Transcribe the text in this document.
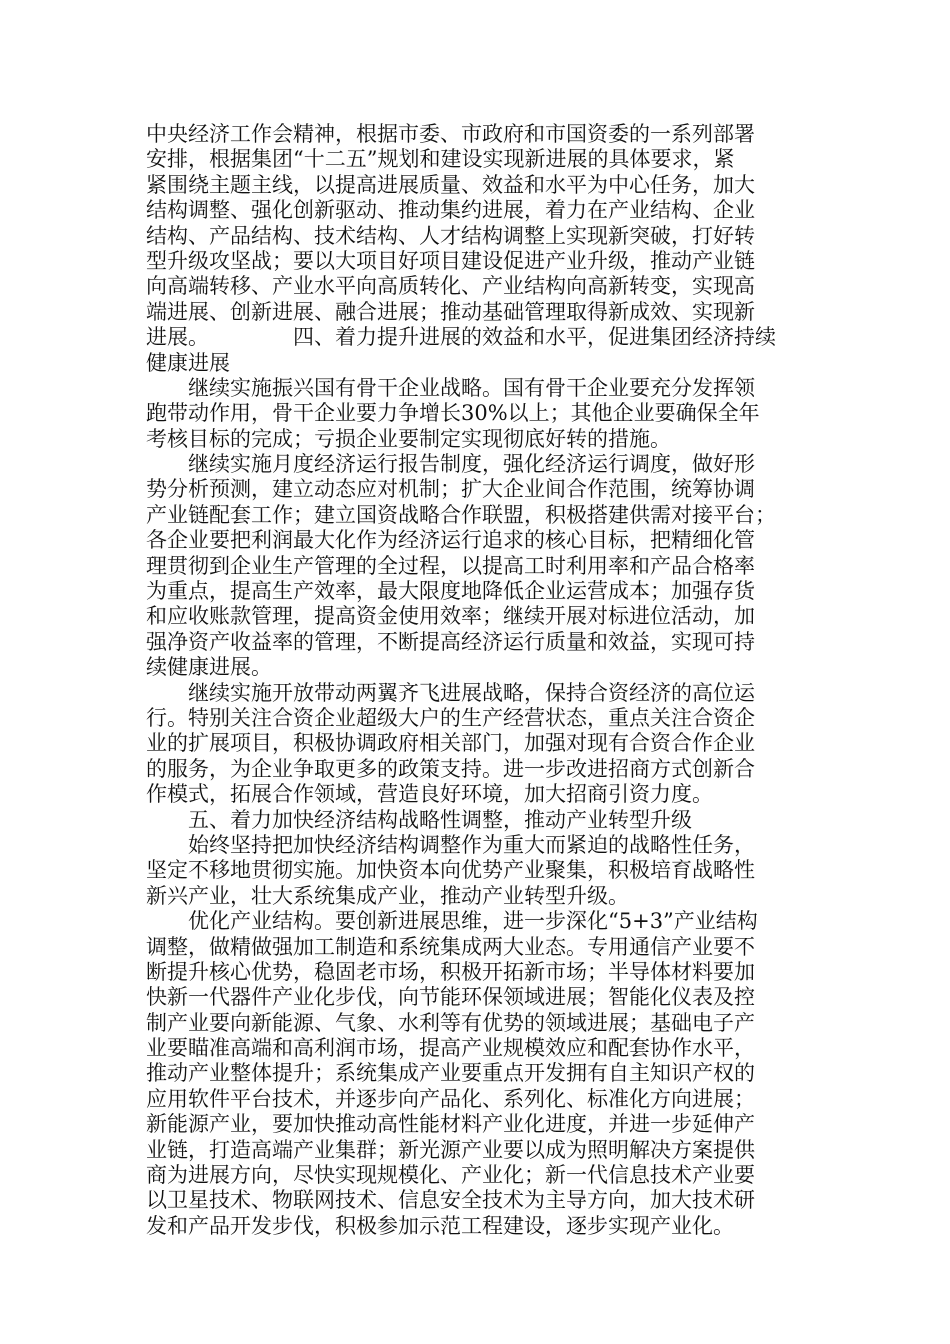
中央经济工作会精神，根据市委、市政府和市国资委的一系列部署
安排，根据集团“十二五”规划和建设实现新进展的具体要求，紧
紧围绕主题主线，以提高进展质量、效益和水平为中心任务，加大
结构调整、强化创新驱动、推动集约进展，着力在产业结构、企业
结构、产品结构、技术结构、人才结构调整上实现新突破，打好转
型升级攻坚战；要以大项目好项目建设促进产业升级，推动产业链
向高端转移、产业水平向高质转化、产业结构向高新转变，实现高
端进展、创新进展、融合进展；推动基础管理取得新成效、实现新
进展。	四、着力提升进展的效益和水平，促进集团经济持续
健康进展
继续实施振兴国有骨干企业战略。国有骨干企业要充分发挥领
跑带动作用，骨干企业要力争增长30%以上；其他企业要确保全年
考核目标的完成；亏损企业要制定实现彻底好转的措施。
继续实施月度经济运行报告制度，强化经济运行调度，做好形
势分析预测，建立动态应对机制；扩大企业间合作范围，统筹协调
产业链配套工作；建立国资战略合作联盟，积极搭建供需对接平台；
各企业要把利润最大化作为经济运行追求的核心目标，把精细化管
理贯彻到企业生产管理的全过程，以提高工时利用率和产品合格率
为重点，提高生产效率，最大限度地降低企业运营成本；加强存货
和应收账款管理，提高资金使用效率；继续开展对标进位活动，加
强净资产收益率的管理，不断提高经济运行质量和效益，实现可持
续健康进展。
继续实施开放带动两翼齐飞进展战略，保持合资经济的高位运
行。特别关注合资企业超级大户的生产经营状态，重点关注合资企
业的扩展项目，积极协调政府相关部门，加强对现有合资合作企业
的服务，为企业争取更多的政策支持。进一步改进招商方式创新合
作模式，拓展合作领域，营造良好环境，加大招商引资力度。
五、着力加快经济结构战略性调整，推动产业转型升级
始终坚持把加快经济结构调整作为重大而紧迫的战略性任务，
坚定不移地贯彻实施。加快资本向优势产业聚集，积极培育战略性
新兴产业，壮大系统集成产业，推动产业转型升级。
优化产业结构。要创新进展思维，进一步深化“5+3”产业结构
调整，做精做强加工制造和系统集成两大业态。专用通信产业要不
断提升核心优势，稳固老市场，积极开拓新市场；半导体材料要加
快新一代器件产业化步伐，向节能环保领域进展；智能化仪表及控
制产业要向新能源、气象、水利等有优势的领域进展；基础电子产
业要瞄准高端和高利润市场，提高产业规模效应和配套协作水平，
推动产业整体提升；系统集成产业要重点开发拥有自主知识产权的
应用软件平台技术，并逐步向产品化、系列化、标准化方向进展；
新能源产业，要加快推动高性能材料产业化进度，并进一步延伸产
业链，打造高端产业集群；新光源产业要以成为照明解决方案提供
商为进展方向，尽快实现规模化、产业化；新一代信息技术产业要
以卫星技术、物联网技术、信息安全技术为主导方向，加大技术研
发和产品开发步伐，积极参加示范工程建设，逐步实现产业化。
